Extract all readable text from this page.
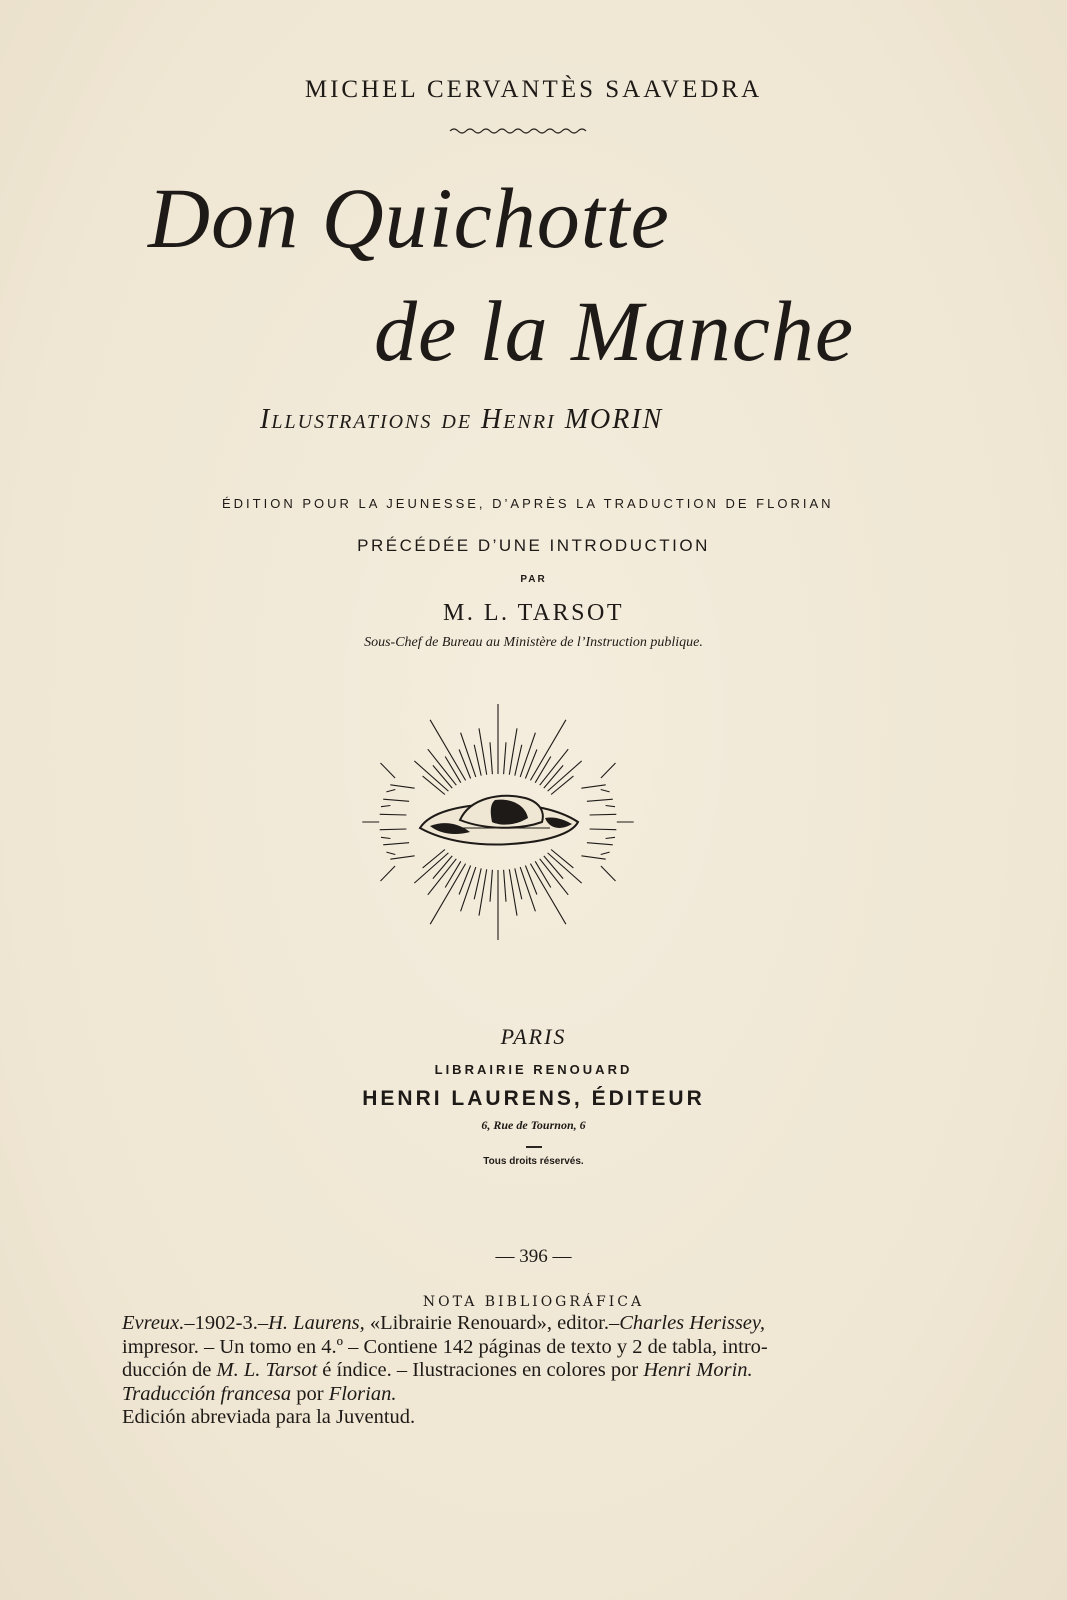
MICHEL CERVANTÈS SAAVEDRA
Don Quichotte
de la Manche
Illustrations de Henri MORIN
ÉDITION POUR LA JEUNESSE, D’APRÈS LA TRADUCTION DE FLORIAN
PRÉCÉDÉE D’UNE INTRODUCTION
PAR
M. L. TARSOT
Sous-Chef de Bureau au Ministère de l’Instruction publique.
PARIS
LIBRAIRIE RENOUARD
HENRI LAURENS, ÉDITEUR
6, Rue de Tournon, 6
Tous droits réservés.
— 396 —
NOTA BIBLIOGRÁFICA

Evreux.–1902-3.–H. Laurens, «Librairie Renouard», editor.–Charles Herissey,

impresor. – Un tomo en 4.º – Contiene 142 páginas de texto y 2 de tabla, intro-

ducción de M. L. Tarsot é índice. – Ilustraciones en colores por Henri Morin.

Traducción francesa por Florian.

Edición abreviada para la Juventud.
